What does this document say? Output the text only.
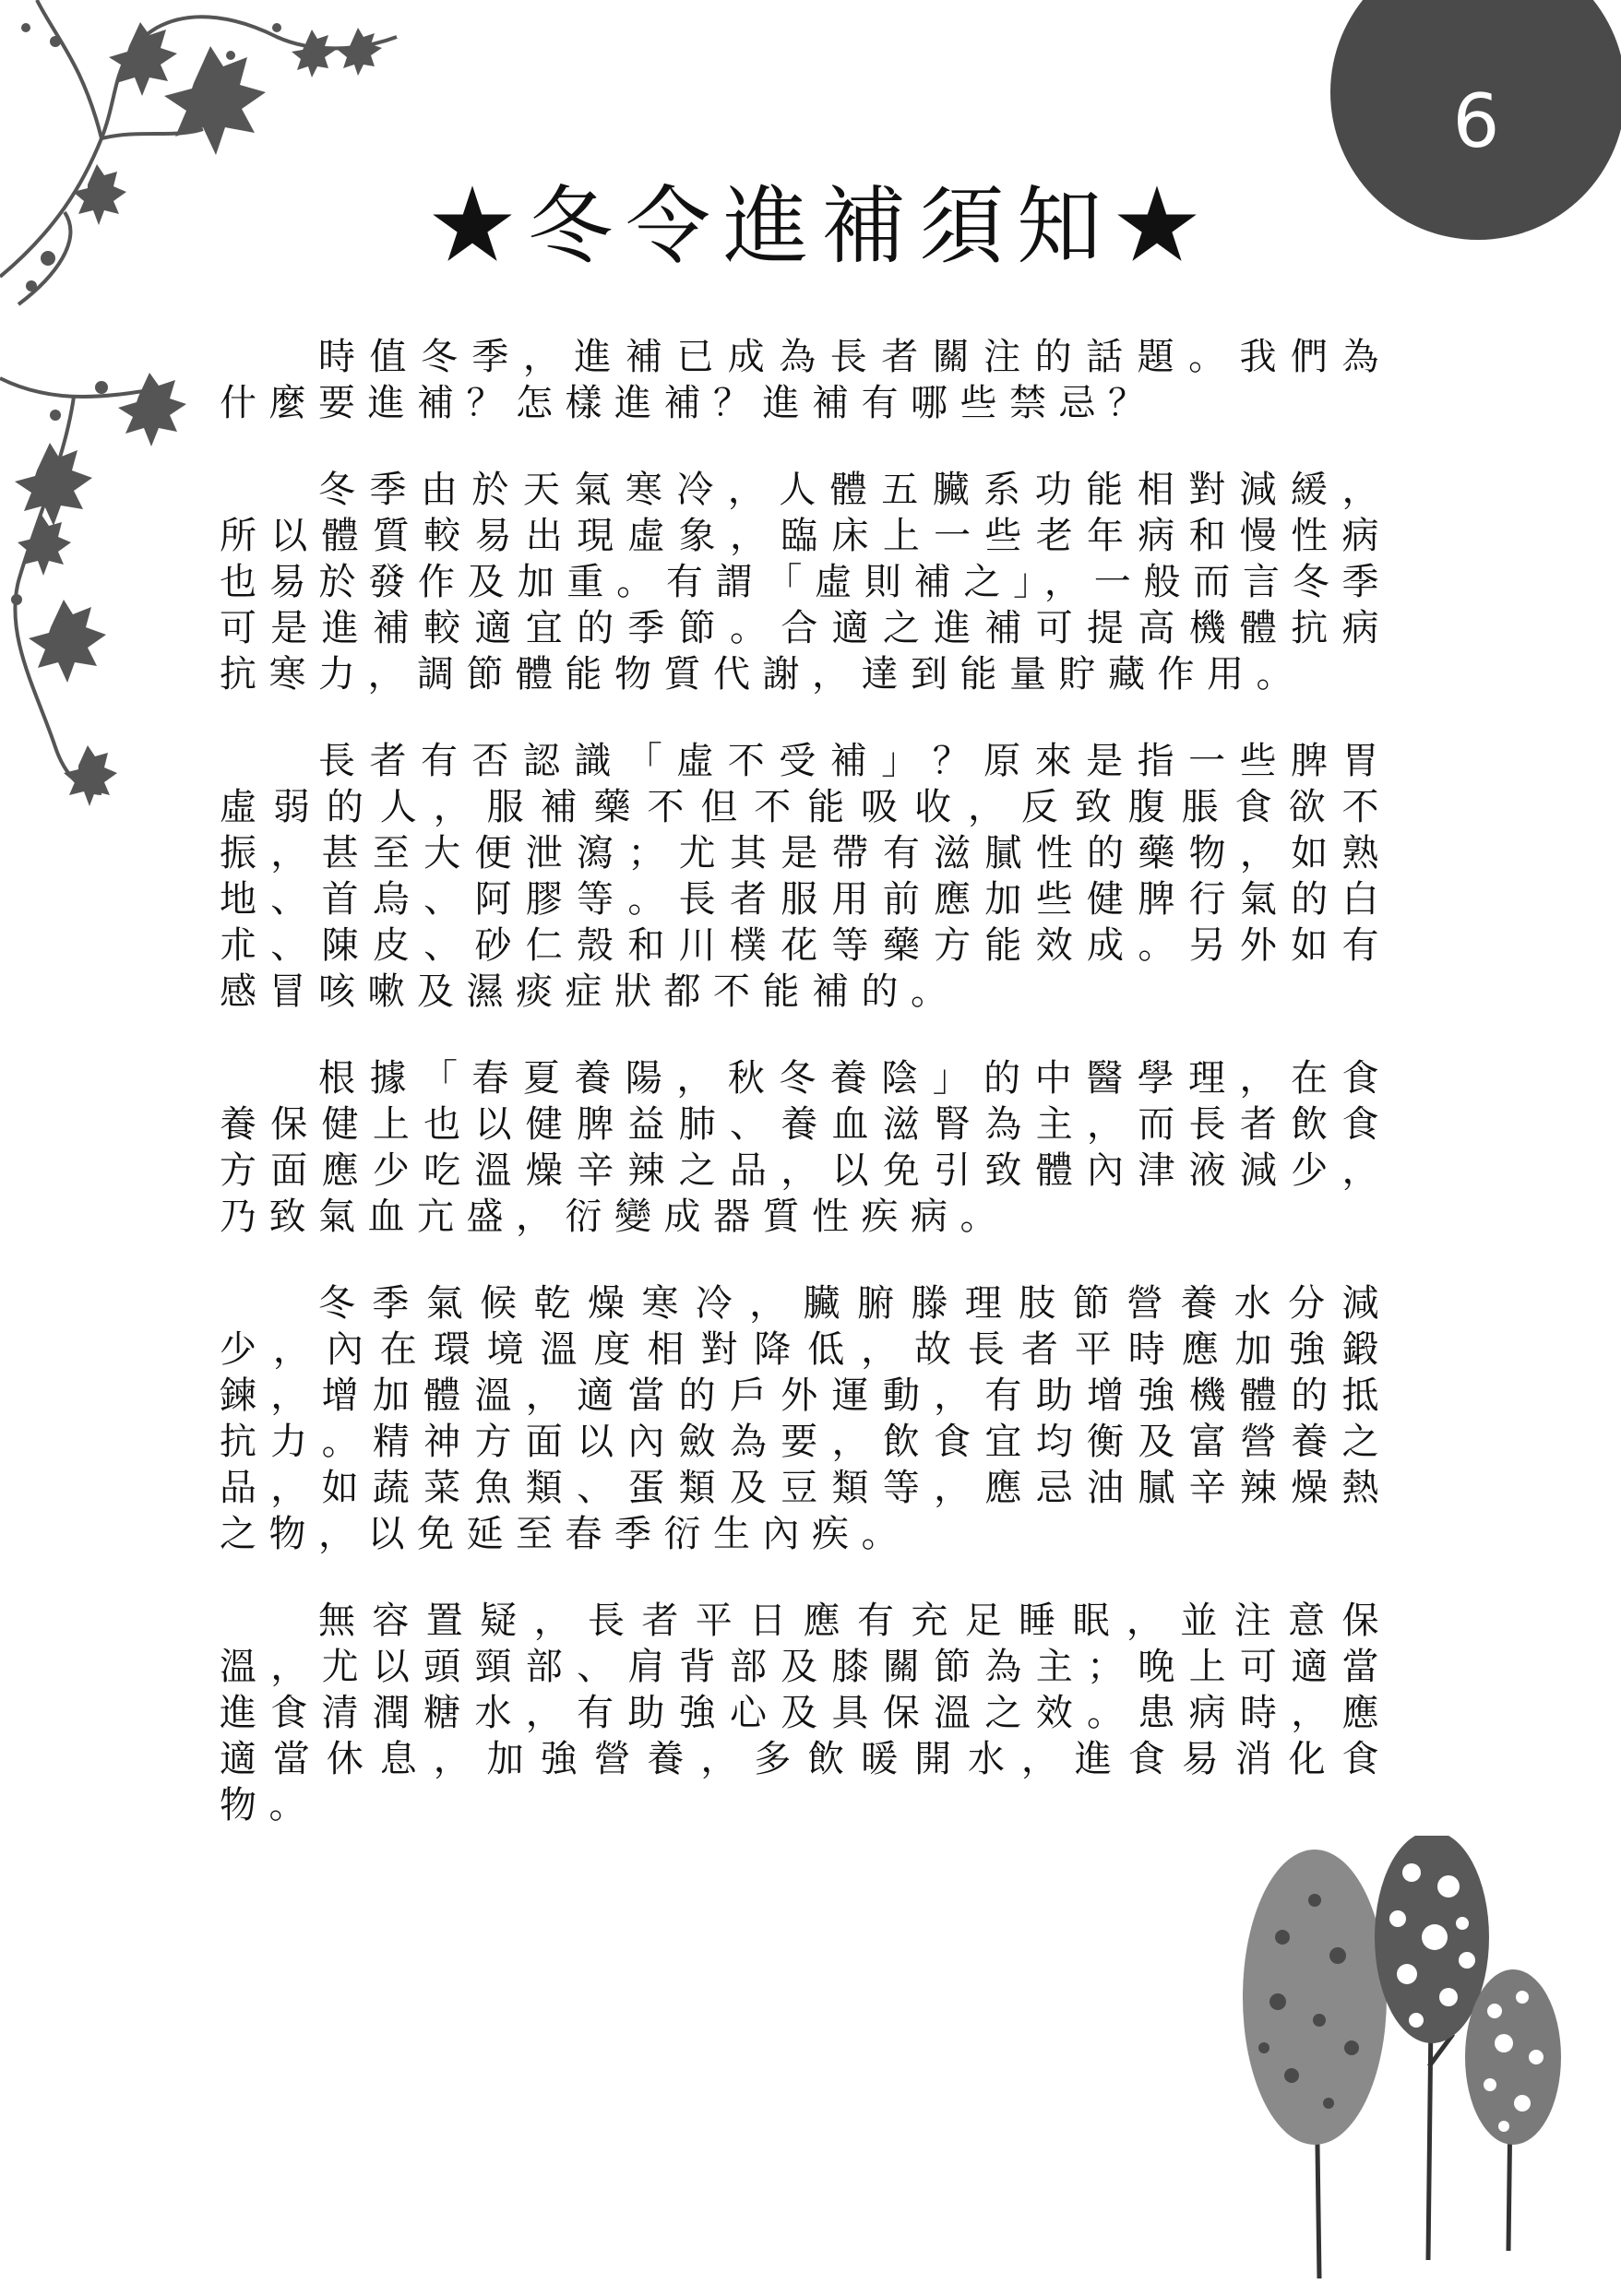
6
★冬令進補須知★

時值冬季，進補已成為長者關注的話題。我們為什麼要進補？怎樣進補？進補有哪些禁忌？

冬季由於天氣寒冷，人體五臟系功能相對減緩，所以體質較易出現虛象，臨床上一些老年病和慢性病也易於發作及加重。有謂「虛則補之」，一般而言冬季可是進補較適宜的季節。合適之進補可提高機體抗病抗寒力，調節體能物質代謝，達到能量貯藏作用。

長者有否認識「虛不受補」？原來是指一些脾胃虛弱的人，服補藥不但不能吸收，反致腹脹食欲不振，甚至大便泄瀉；尤其是帶有滋膩性的藥物，如熟地、首烏、阿膠等。長者服用前應加些健脾行氣的白朮、陳皮、砂仁殼和川樸花等藥方能效成。另外如有感冒咳嗽及濕痰症狀都不能補的。

根據「春夏養陽，秋冬養陰」的中醫學理，在食養保健上也以健脾益肺、養血滋腎為主，而長者飲食方面應少吃溫燥辛辣之品，以免引致體內津液減少，乃致氣血亢盛，衍變成器質性疾病。

冬季氣候乾燥寒冷，臟腑滕理肢節營養水分減少，內在環境溫度相對降低，故長者平時應加強鍛鍊，增加體溫，適當的戶外運動，有助增強機體的抵抗力。精神方面以內斂為要，飲食宜均衡及富營養之品，如蔬菜魚類、蛋類及豆類等，應忌油膩辛辣燥熱之物，以免延至春季衍生內疾。

無容置疑，長者平日應有充足睡眠，並注意保溫，尤以頭頸部、肩背部及膝關節為主；晚上可適當進食清潤糖水，有助強心及具保溫之效。患病時，應適當休息，加強營養，多飲暖開水，進食易消化食物。
